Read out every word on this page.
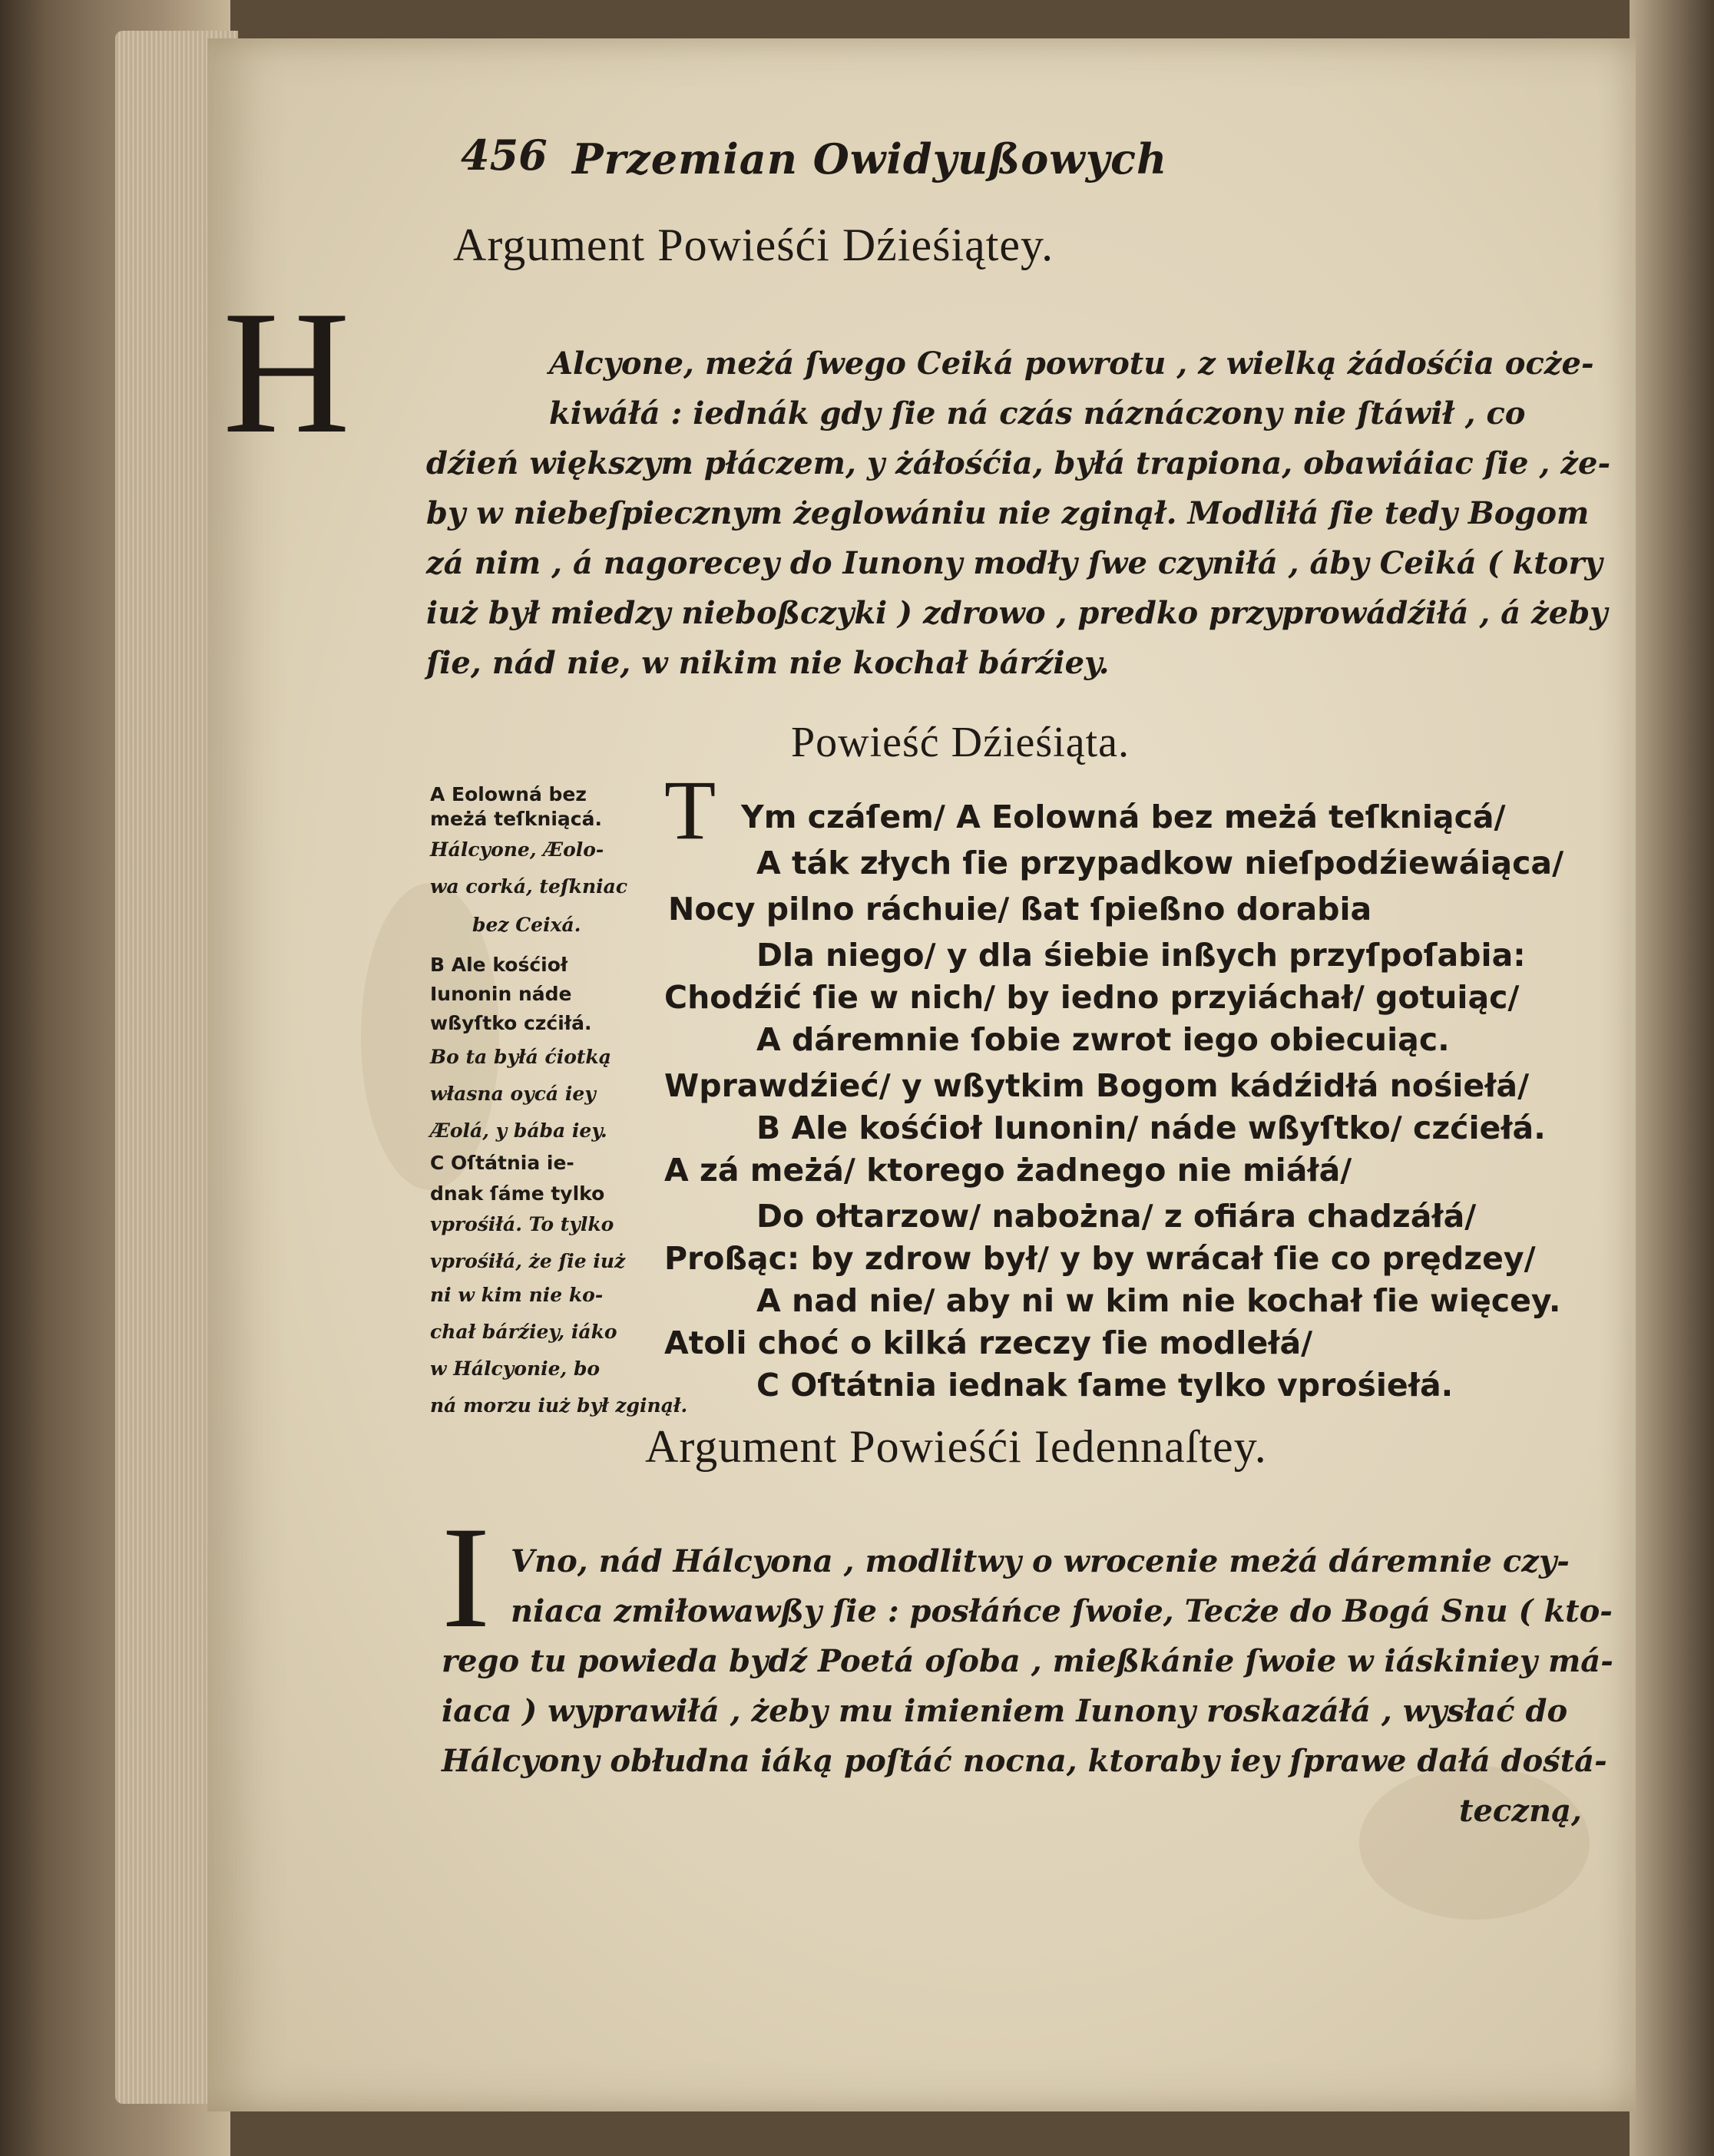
456 Przemian Owidyußowych
Argument Powieśći Dźieśiątey.
H	Alcyone, meżá ſwego Ceiká powrotu , z wielką żádośćia ocże-
kiwáłá : iednák gdy ſie ná czás náznáczony nie ſtáwił , co
dźień większym płáczem, y żáłośćia, byłá trapiona, obawiáiac ſie , że-
by w niebeſpiecznym żeglowániu nie zginął. Modliłá ſie tedy Bogom
zá nim , á nagorecey do Iunony modły ſwe czyniłá , áby Ceiká ( ktory
iuż był miedzy nieboßczyki ) zdrowo , predko przyprowádźiłá , á żeby
ſie, nád nie, w nikim nie kochał bárźiey.
Powieść Dźieśiąta.
A Eolowná bez
meżá teſkniącá.
Hálcyone, Æolo-
wa corká, teſkniac
bez Ceixá.
B Ale kośćioł
Iunonin náde
wßyſtko czćiłá.
Bo ta byłá ćiotką
własna oycá iey
Æolá, y bába iey.
C Oſtátnia ie-
dnak ſáme tylko
vprośiłá. To tylko
vprośiłá, że ſie iuż
ni w kim nie ko-
chał bárźiey, iáko
w Hálcyonie, bo
ná morzu iuż był zginął.
T Ym czáſem/ A Eolowná bez meżá teſkniącá/
A ták złych ſie przypadkow nieſpodźiewáiąca/
Nocy pilno ráchuie/ ßat ſpießno dorabia
Dla niego/ y dla śiebie inßych przyſpoſabia:
Chodźić ſie w nich/ by iedno przyiáchał/ gotuiąc/
A dáremnie ſobie zwrot iego obiecuiąc.
Wprawdźieć/ y wßytkim Bogom kádźidłá nośiełá/
B Ale kośćioł Iunonin/ náde wßyſtko/ czćiełá.
A zá meżá/ ktorego żadnego nie miáłá/
Do ołtarzow/ nabożna/ z ofiára chadzáłá/
Proßąc: by zdrow był/ y by wrácał ſie co prędzey/
A nad nie/ aby ni w kim nie kochał ſie więcey.
Atoli choć o kilká rzeczy ſie modlełá/
C Oſtátnia iednak ſame tylko vprośiełá.
Argument Powieśći Iedennaſtey.
I Vno, nád Hálcyona , modlitwy o wrocenie meżá dáremnie czy-
niaca zmiłowawßy ſie : posłáńce ſwoie, Tecże do Bogá Snu ( kto-
rego tu powieda bydź Poetá oſoba , mießkánie ſwoie w iáskiniey má-
iaca ) wyprawiłá , żeby mu imieniem Iunony roskazáłá , wysłać do
Hálcyony obłudna iáką poſtáć nocna, ktoraby iey ſprawe dałá dośtá-
teczną,
